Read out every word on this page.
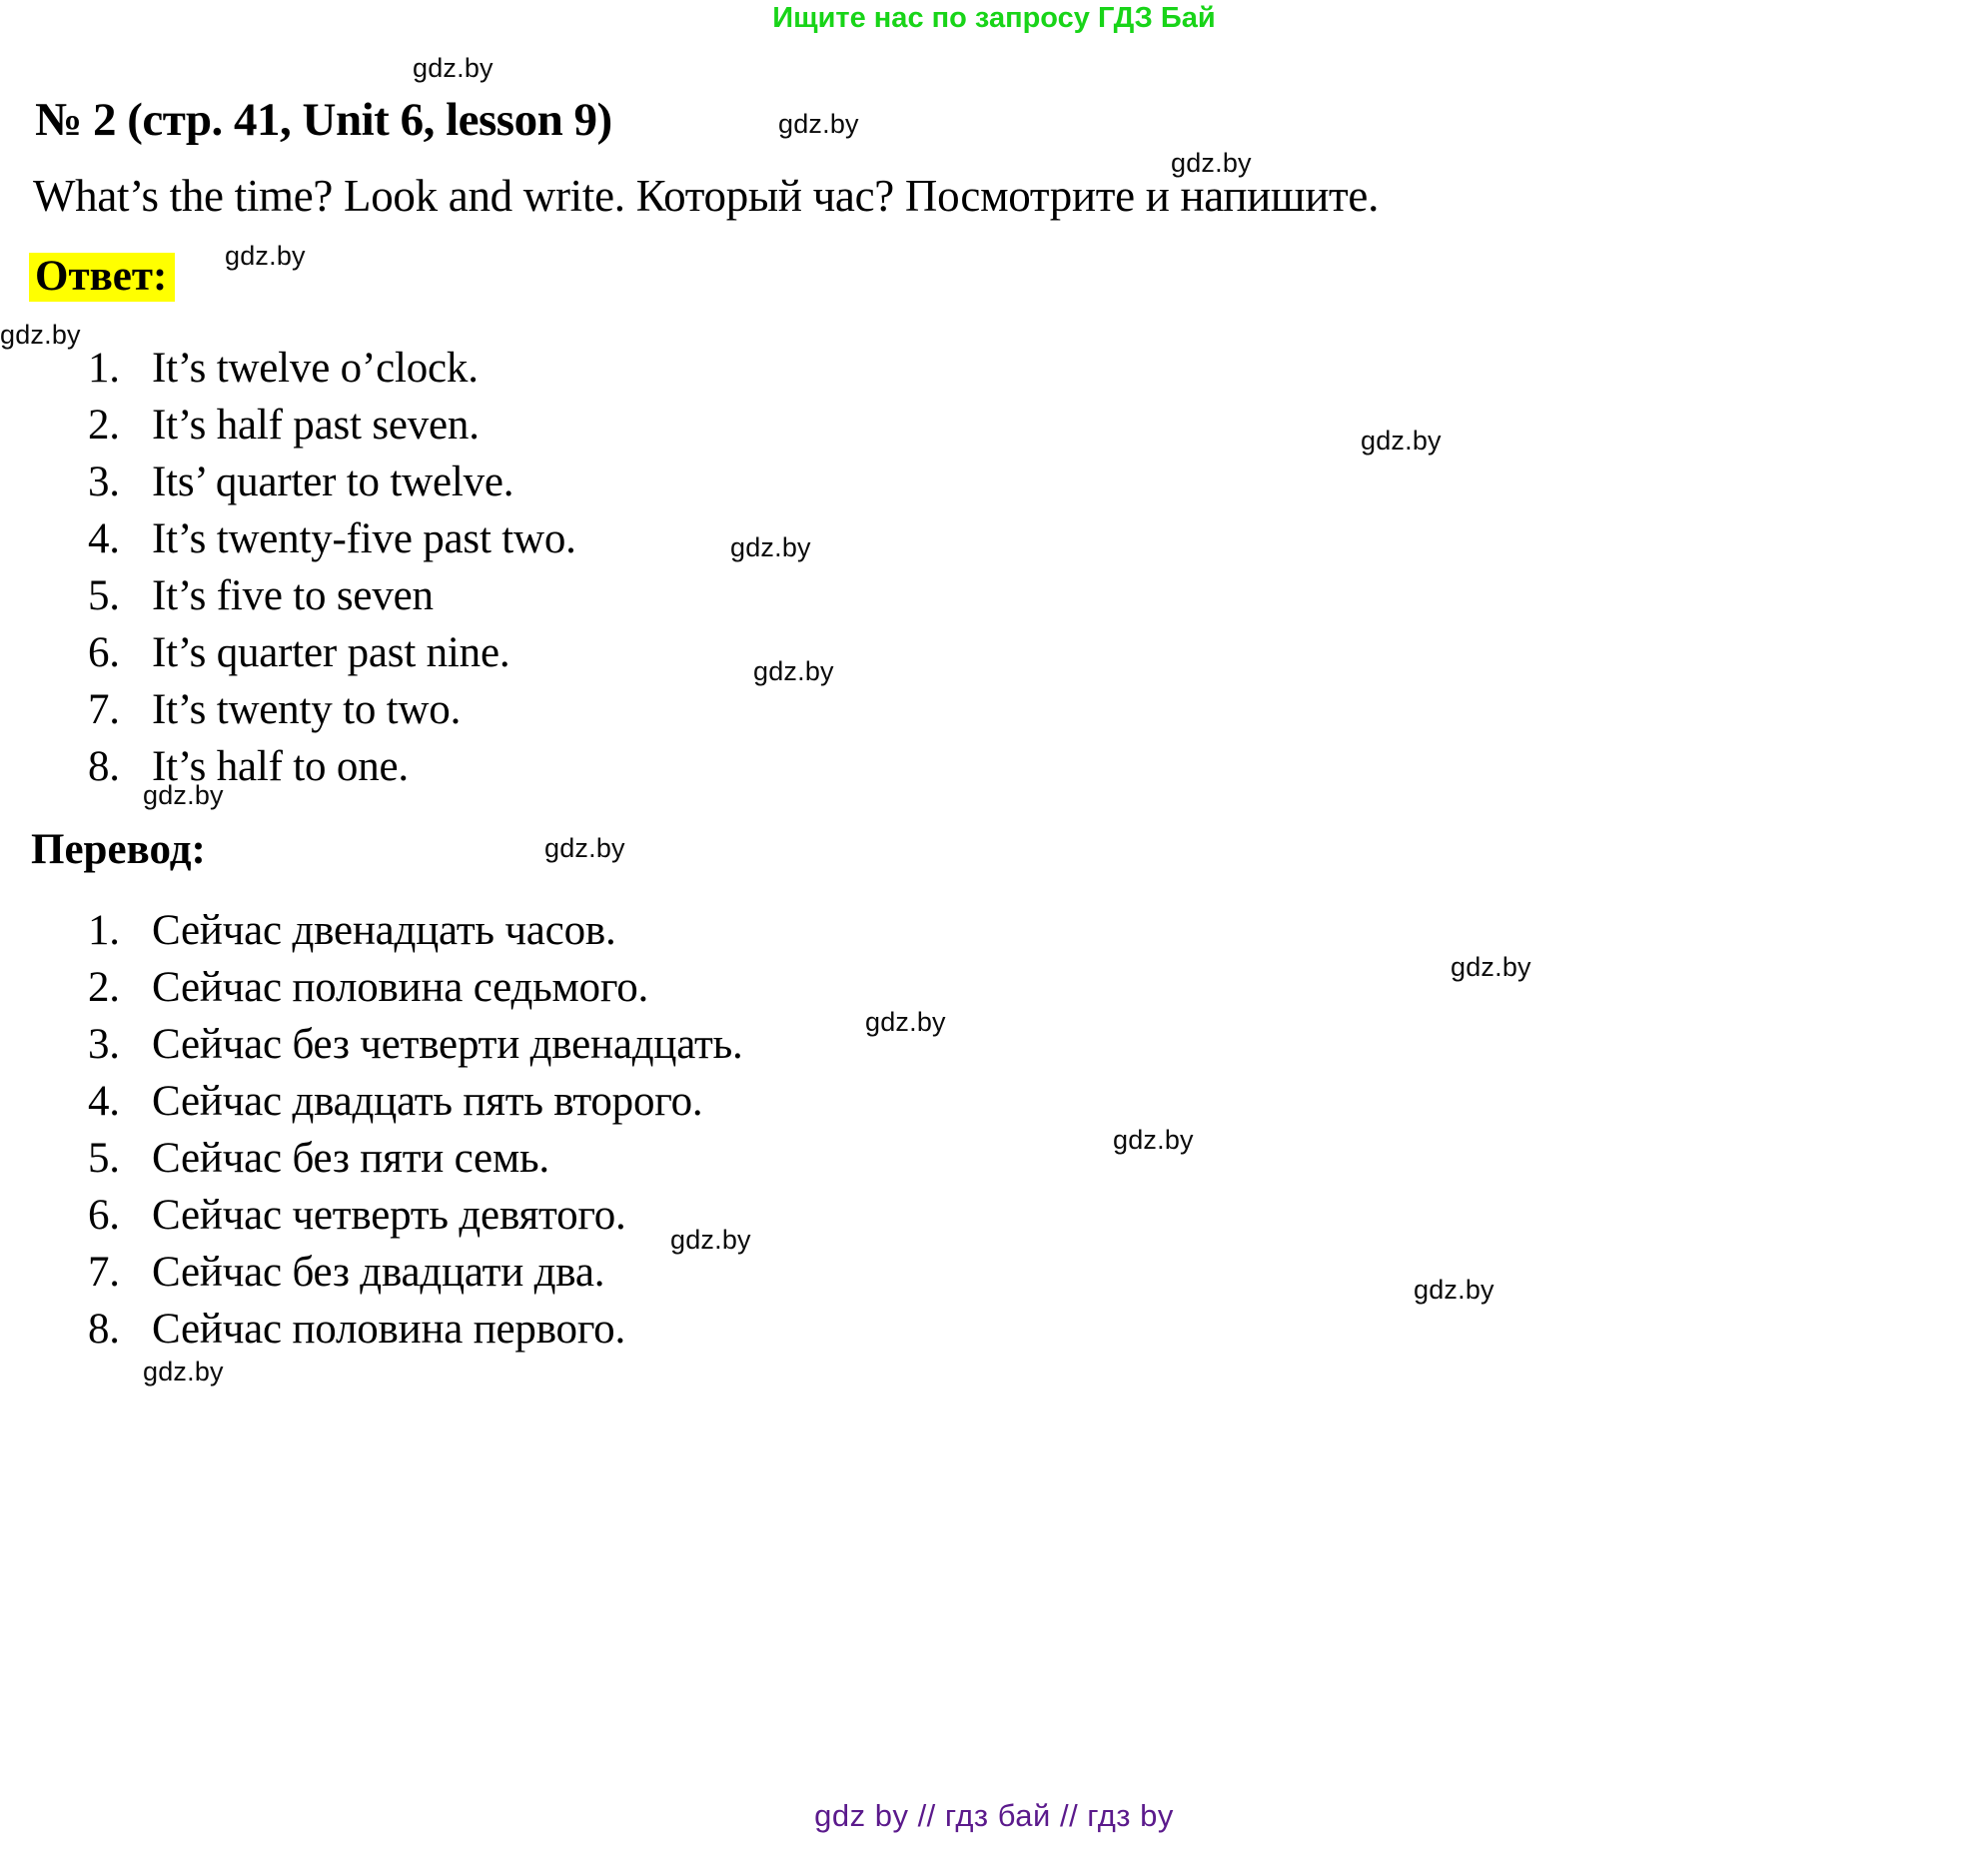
Ищите нас по запросу ГДЗ Бай
gdz.by
gdz.by
gdz.by
gdz.by
gdz.by
gdz.by
gdz.by
gdz.by
gdz.by
gdz.by
gdz.by
gdz.by
gdz.by
gdz.by
gdz.by
gdz.by
№ 2 (стр. 41, Unit 6, lesson 9)
What’s the time? Look and write. Который час? Посмотрите и напишите.
Ответ:
1. It’s twelve o’clock.
2. It’s half past seven.
3. Its’ quarter to twelve.
4. It’s twenty-five past two.
5. It’s five to seven
6. It’s quarter past nine.
7. It’s twenty to two.
8. It’s half to one.
Перевод:
1. Сейчас двенадцать часов.
2. Сейчас половина седьмого.
3. Сейчас без четверти двенадцать.
4. Сейчас двадцать пять второго.
5. Сейчас без пяти семь.
6. Сейчас четверть девятого.
7. Сейчас без двадцати два.
8. Сейчас половина первого.
gdz by // гдз бай // гдз by
